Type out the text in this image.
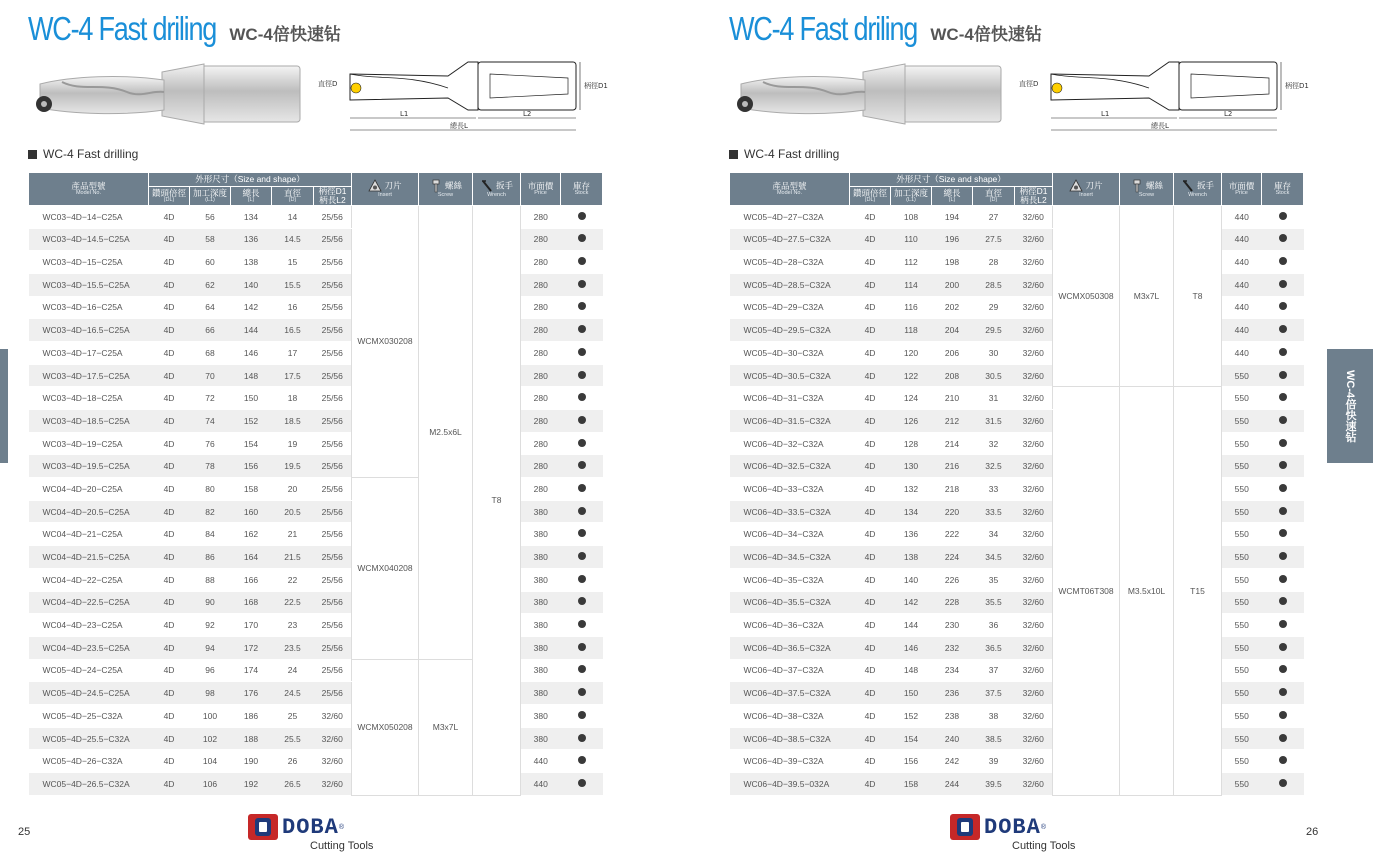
WC-4 Fast driling WC-4倍快速钻
直徑D	柄徑D1
L1	L2
總長L
WC-4 Fast drilling
產品型號
Model No.	外形尺寸（Size and shape）					刀片
Insert	螺絲
Screw	扳手
Wrench	市面價
Price	庫存
Stock

	鑽頭倍徑
(DL)	加工深度
(L1)	總長
(L)	直徑
(D)	柄徑D1 柄長L2					
WC03−4D−14−C25A	4D	56	134	14	25/56	WCMX030208	M2.5x6L	T8	280	
WC03−4D−14.5−C25A	4D	58	136	14.5	25/56				280	
WC03−4D−15−C25A	4D	60	138	15	25/56				280	
WC03−4D−15.5−C25A	4D	62	140	15.5	25/56				280	
WC03−4D−16−C25A	4D	64	142	16	25/56				280	
WC03−4D−16.5−C25A	4D	66	144	16.5	25/56				280	
WC03−4D−17−C25A	4D	68	146	17	25/56				280	
WC03−4D−17.5−C25A	4D	70	148	17.5	25/56				280	
WC03−4D−18−C25A	4D	72	150	18	25/56				280	
WC03−4D−18.5−C25A	4D	74	152	18.5	25/56				280	
WC03−4D−19−C25A	4D	76	154	19	25/56				280	
WC03−4D−19.5−C25A	4D	78	156	19.5	25/56				280	
WC04−4D−20−C25A	4D	80	158	20	25/56	WCMX040208			280	
WC04−4D−20.5−C25A	4D	82	160	20.5	25/56				380	
WC04−4D−21−C25A	4D	84	162	21	25/56				380	
WC04−4D−21.5−C25A	4D	86	164	21.5	25/56				380	
WC04−4D−22−C25A	4D	88	166	22	25/56				380	
WC04−4D−22.5−C25A	4D	90	168	22.5	25/56				380	
WC04−4D−23−C25A	4D	92	170	23	25/56				380	
WC04−4D−23.5−C25A	4D	94	172	23.5	25/56				380	
WC05−4D−24−C25A	4D	96	174	24	25/56	WCMX050208	M3x7L		380	
WC05−4D−24.5−C25A	4D	98	176	24.5	25/56				380	
WC05−4D−25−C32A	4D	100	186	25	32/60				380	
WC05−4D−25.5−C32A	4D	102	188	25.5	32/60				380	
WC05−4D−26−C32A	4D	104	190	26	32/60				440	
WC05−4D−26.5−C32A	4D	106	192	26.5	32/60				440	
25	DOBA ®
Cutting Tools
WC-4 Fast driling WC-4倍快速钻
直徑D	柄徑D1
L1	L2
總長L
WC-4 Fast drilling
產品型號
Model No.	外形尺寸（Size and shape）					刀片
Insert	螺絲
Screw	扳手
Wrench	市面價
Price	庫存
Stock

	鑽頭倍徑
(DL)	加工深度
(L1)	總長
(L)	直徑
(D)	柄徑D1 柄長L2					
WC05−4D−27−C32A	4D	108	194	27	32/60	WCMX050308	M3x7L	T8	440	
WC05−4D−27.5−C32A	4D	110	196	27.5	32/60				440	
WC05−4D−28−C32A	4D	112	198	28	32/60				440	
WC05−4D−28.5−C32A	4D	114	200	28.5	32/60				440	
WC05−4D−29−C32A	4D	116	202	29	32/60				440	
WC05−4D−29.5−C32A	4D	118	204	29.5	32/60				440	
WC05−4D−30−C32A	4D	120	206	30	32/60				440	
WC05−4D−30.5−C32A	4D	122	208	30.5	32/60				550	
WC06−4D−31−C32A	4D	124	210	31	32/60	WCMT06T308	M3.5x10L	T15	550	
WC06−4D−31.5−C32A	4D	126	212	31.5	32/60				550	
WC06−4D−32−C32A	4D	128	214	32	32/60				550	
WC06−4D−32.5−C32A	4D	130	216	32.5	32/60				550	
WC06−4D−33−C32A	4D	132	218	33	32/60				550	
WC06−4D−33.5−C32A	4D	134	220	33.5	32/60				550	
WC06−4D−34−C32A	4D	136	222	34	32/60				550	
WC06−4D−34.5−C32A	4D	138	224	34.5	32/60				550	
WC06−4D−35−C32A	4D	140	226	35	32/60				550	
WC06−4D−35.5−C32A	4D	142	228	35.5	32/60				550	
WC06−4D−36−C32A	4D	144	230	36	32/60				550	
WC06−4D−36.5−C32A	4D	146	232	36.5	32/60				550	
WC06−4D−37−C32A	4D	148	234	37	32/60				550	
WC06−4D−37.5−C32A	4D	150	236	37.5	32/60				550	
WC06−4D−38−C32A	4D	152	238	38	32/60				550	
WC06−4D−38.5−C32A	4D	154	240	38.5	32/60				550	
WC06−4D−39−C32A	4D	156	242	39	32/60				550	
WC06−4D−39.5−032A	4D	158	244	39.5	32/60				550	
26
DOBA ®
Cutting Tools
WC-4倍快速钻
